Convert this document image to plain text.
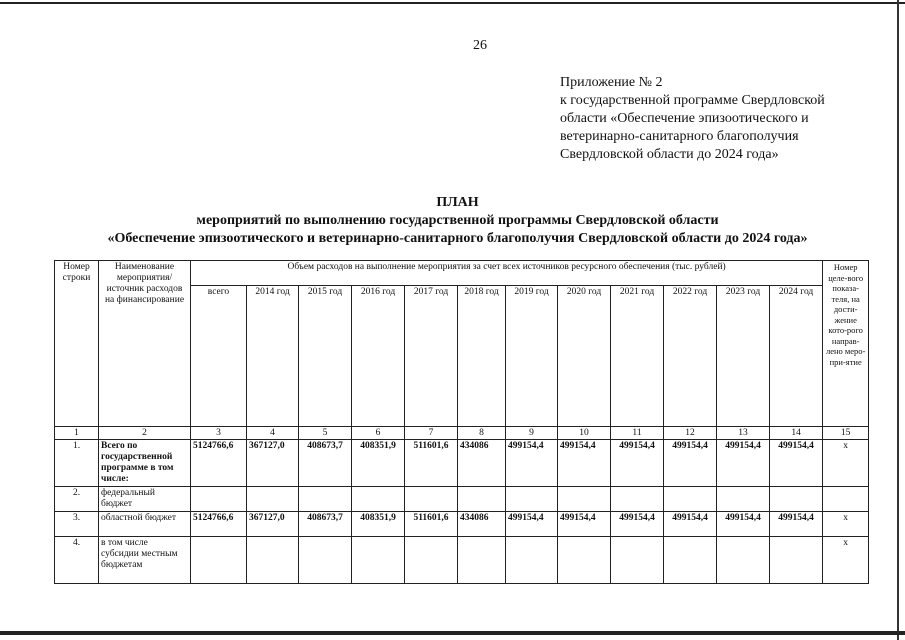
26
Приложение № 2
к государственной программе Свердловской
области «Обеспечение эпизоотического и
ветеринарно-санитарного благополучия
Свердловской области до 2024 года»
ПЛАН
мероприятий по выполнению государственной программы Свердловской области
«Обеспечение эпизоотического и ветеринарно-санитарного благополучия Свердловской области до 2024 года»
Номер строки	Наименование мероприятия/ источник расходов на финансирование	Объем расходов на выполнение мероприятия за счет всех источников ресурсного обеспечения (тыс. рублей)												Номер целе-вого показа-теля, на дости-жение кото-рого направ-лено меро-при-ятие
		всего	2014 год	2015 год	2016 год	2017 год	2018 год	2019 год	2020 год	2021 год	2022 год	2023 год	2024 год	
1	2	3	4	5	6	7	8	9	10	11	12	13	14	15
1.	Всего по государственной программе в том числе:	5124766,6	367127,0	408673,7	408351,9	511601,6	434086	499154,4	499154,4	499154,4	499154,4	499154,4	499154,4	х
2.	федеральный бюджет													
3.	областной бюджет	5124766,6	367127,0	408673,7	408351,9	511601,6	434086	499154,4	499154,4	499154,4	499154,4	499154,4	499154,4	х
4.	в том числе субсидии местным бюджетам													х
